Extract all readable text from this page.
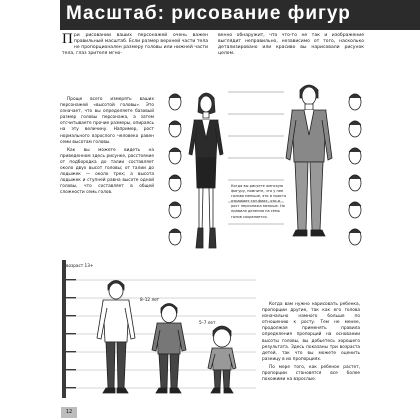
Масштаб: рисование фигур

При рисовании ваших персонажей очень важен правильный масштаб. Если размер верхней части тела не пропорционален размеру головы или нижней части тела, глаз зрителя мгно-

венно обнаружит, что что-то не так и изображение выглядит неправильно, независимо от того, насколько детализировано или красиво вы нарисовали рисунок целом.

Проще всего измерять ваших персонажей «высотой головы». Это означает, что вы определяете базовый размер головы персонажа, а затем отсчитываете прочие размеры, опираясь на эту величину. Например, рост нормального взрослого человека равен семи высотам головы.

Как вы можете видеть на приведенном здесь рисунке, расстояние от подбородка до талии составляет около двух высот головы; от талии до лодыжек — около трех; а высота лодыжек и ступней равна высоте одной головы, что составляет в общей сложности семь голов.

Когда вы рисуете женскую фигуру, помните, что у нее голова меньше, это и просто отражает тот факт, что и рост персонажа меньше. Но правило деления на семь голов сохраняется.

Когда вам нужно нарисовать ребенка, пропорции другие, так как его голова изначально намного больше по отношению к росту. Тем не менее, продолжая применять правила определения пропорций на основании высоты головы, вы добьетесь хорошего результата. Здесь показаны три возраста детей, так что вы можете оценить разницу в их пропорциях.

По мере того, как ребенок растет, пропорции становятся все более похожими на взрослые.

возраст 13+
8–12 лет
5–7 лет
12
